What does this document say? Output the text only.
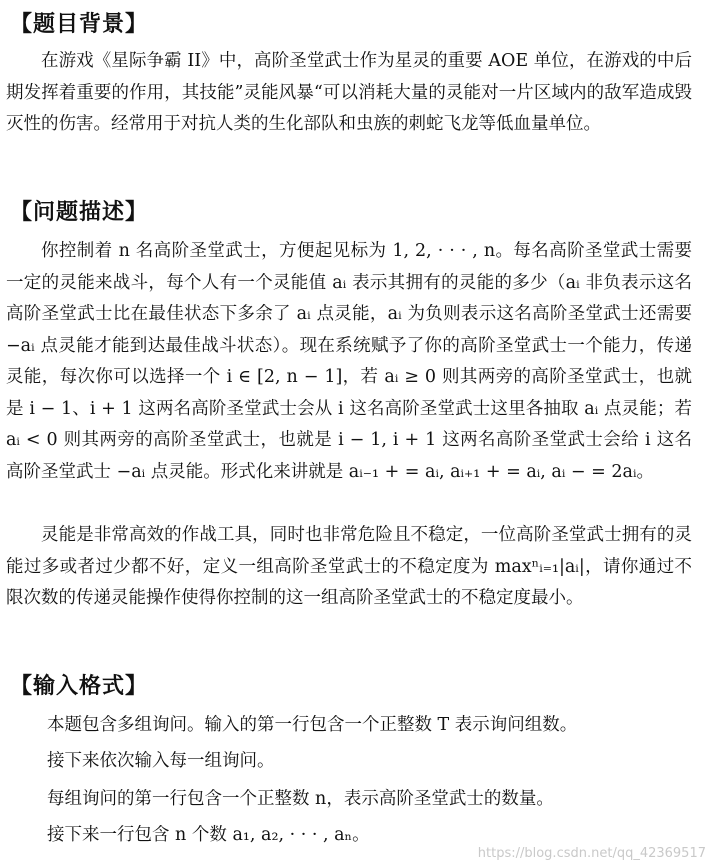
【题目背景】

在游戏《星际争霸 II》中，高阶圣堂武士作为星灵的重要 AOE 单位，在游戏的中后期发挥着重要的作用，其技能”灵能风暴“可以消耗大量的灵能对一片区域内的敌军造成毁灭性的伤害。经常用于对抗人类的生化部队和虫族的刺蛇飞龙等低血量单位。

【问题描述】

你控制着 n 名高阶圣堂武士，方便起见标为 1, 2, · · · , n。每名高阶圣堂武士需要一定的灵能来战斗，每个人有一个灵能值 aᵢ 表示其拥有的灵能的多少（aᵢ 非负表示这名高阶圣堂武士比在最佳状态下多余了 aᵢ 点灵能，aᵢ 为负则表示这名高阶圣堂武士还需要 −aᵢ 点灵能才能到达最佳战斗状态）。现在系统赋予了你的高阶圣堂武士一个能力，传递灵能，每次你可以选择一个 i ∈ [2, n − 1]，若 aᵢ ≥ 0 则其两旁的高阶圣堂武士，也就是 i − 1、i + 1 这两名高阶圣堂武士会从 i 这名高阶圣堂武士这里各抽取 aᵢ 点灵能；若 aᵢ < 0 则其两旁的高阶圣堂武士，也就是 i − 1, i + 1 这两名高阶圣堂武士会给 i 这名高阶圣堂武士 −aᵢ 点灵能。形式化来讲就是 aᵢ₋₁ + = aᵢ, aᵢ₊₁ + = aᵢ, aᵢ − = 2aᵢ。

灵能是非常高效的作战工具，同时也非常危险且不稳定，一位高阶圣堂武士拥有的灵能过多或者过少都不好，定义一组高阶圣堂武士的不稳定度为 maxⁿᵢ₌₁|aᵢ|，请你通过不限次数的传递灵能操作使得你控制的这一组高阶圣堂武士的不稳定度最小。

【输入格式】
本题包含多组询问。输入的第一行包含一个正整数 T 表示询问组数。
接下来依次输入每一组询问。
每组询问的第一行包含一个正整数 n，表示高阶圣堂武士的数量。
接下来一行包含 n 个数 a₁, a₂, · · · , aₙ。
https://blog.csdn.net/qq_42369517
